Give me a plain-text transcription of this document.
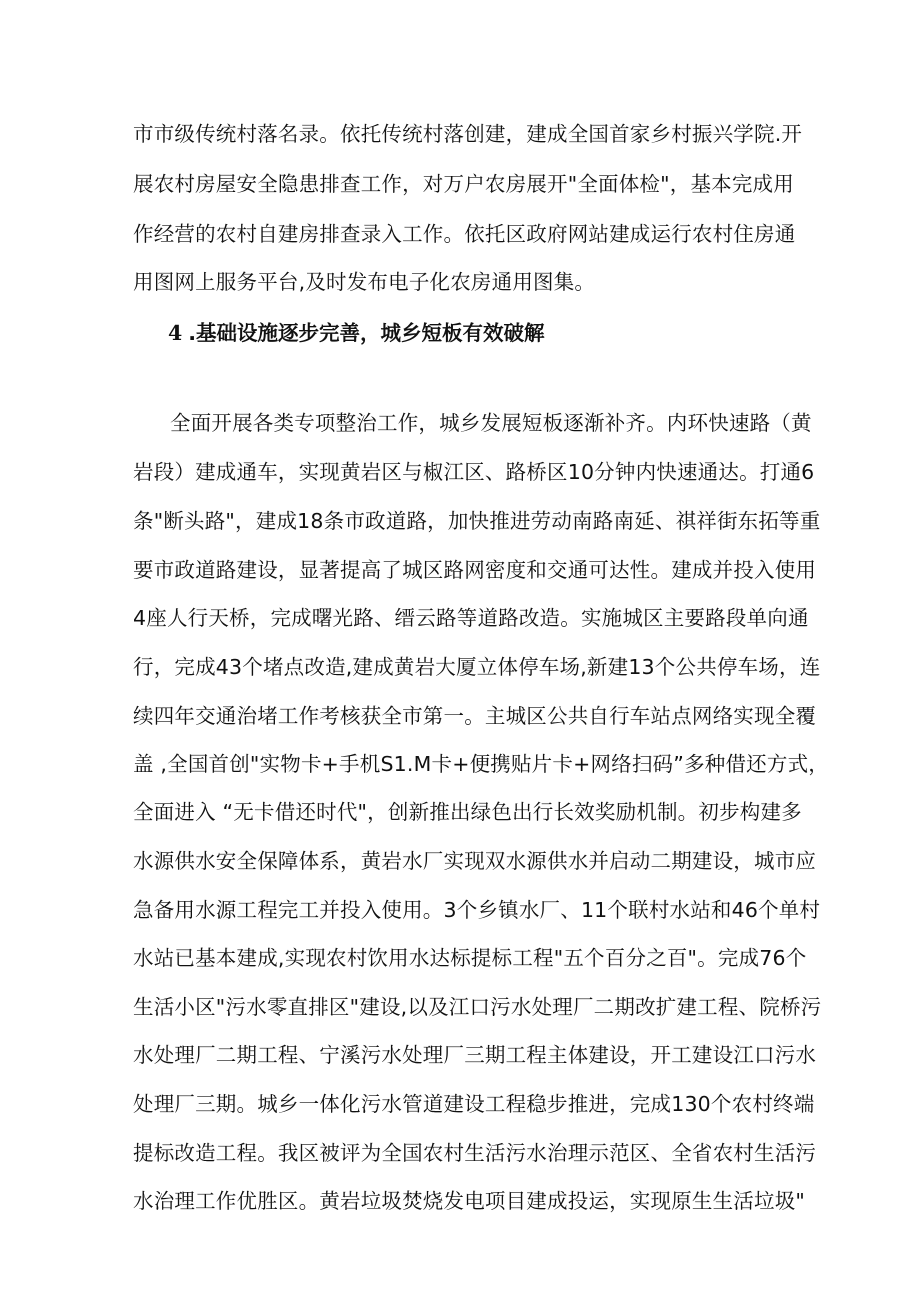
市市级传统村落名录。依托传统村落创建，建成全国首家乡村振兴学院.开
展农村房屋安全隐患排查工作，对万户农房展开"全面体检"，基本完成用
作经营的农村自建房排查录入工作。依托区政府网站建成运行农村住房通
用图网上服务平台,及时发布电子化农房通用图集。
4 .基础设施逐步完善，城乡短板有效破解
全面开展各类专项整治工作，城乡发展短板逐渐补齐。内环快速路（黄
岩段）建成通车，实现黄岩区与椒江区、路桥区10分钟内快速通达。打通6
条"断头路"，建成18条市政道路，加快推进劳动南路南延、祺祥街东拓等重
要市政道路建设，显著提高了城区路网密度和交通可达性。建成并投入使用
4座人行天桥，完成曙光路、缙云路等道路改造。实施城区主要路段单向通
行，完成43个堵点改造,建成黄岩大厦立体停车场,新建13个公共停车场，连
续四年交通治堵工作考核获全市第一。主城区公共自行车站点网络实现全覆
盖 ,全国首创"实物卡+手机S1.M卡+便携贴片卡+网络扫码”多种借还方式，
全面进入 “无卡借还时代"，创新推出绿色出行长效奖励机制。初步构建多
水源供水安全保障体系，黄岩水厂实现双水源供水并启动二期建设，城市应
急备用水源工程完工并投入使用。3个乡镇水厂、11个联村水站和46个单村
水站已基本建成,实现农村饮用水达标提标工程"五个百分之百"。完成76个
生活小区"污水零直排区"建设,以及江口污水处理厂二期改扩建工程、院桥污
水处理厂二期工程、宁溪污水处理厂三期工程主体建设，开工建设江口污水
处理厂三期。城乡一体化污水管道建设工程稳步推进，完成130个农村终端
提标改造工程。我区被评为全国农村生活污水治理示范区、全省农村生活污
水治理工作优胜区。黄岩垃圾焚烧发电项目建成投运，实现原生生活垃圾"
